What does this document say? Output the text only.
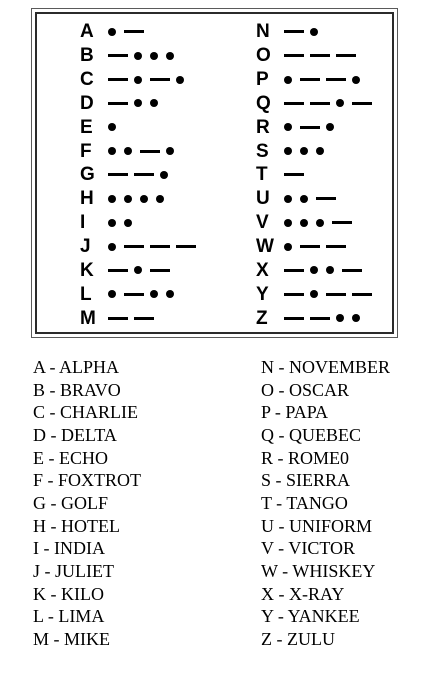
A
B
C
D
E
F
G
H
I
J
K
L
M
N
O
P
Q
R
S
T
U
V
W
X
Y
Z
A - ALPHA
B - BRAVO
C - CHARLIE
D - DELTA
E - ECHO
F - FOXTROT
G - GOLF
H - HOTEL
I - INDIA
J - JULIET
K - KILO
L - LIMA
M - MIKE
N - NOVEMBER
O - OSCAR
P - PAPA
Q - QUEBEC
R - ROME0
S - SIERRA
T - TANGO
U - UNIFORM
V - VICTOR
W - WHISKEY
X - X-RAY
Y - YANKEE
Z - ZULU
